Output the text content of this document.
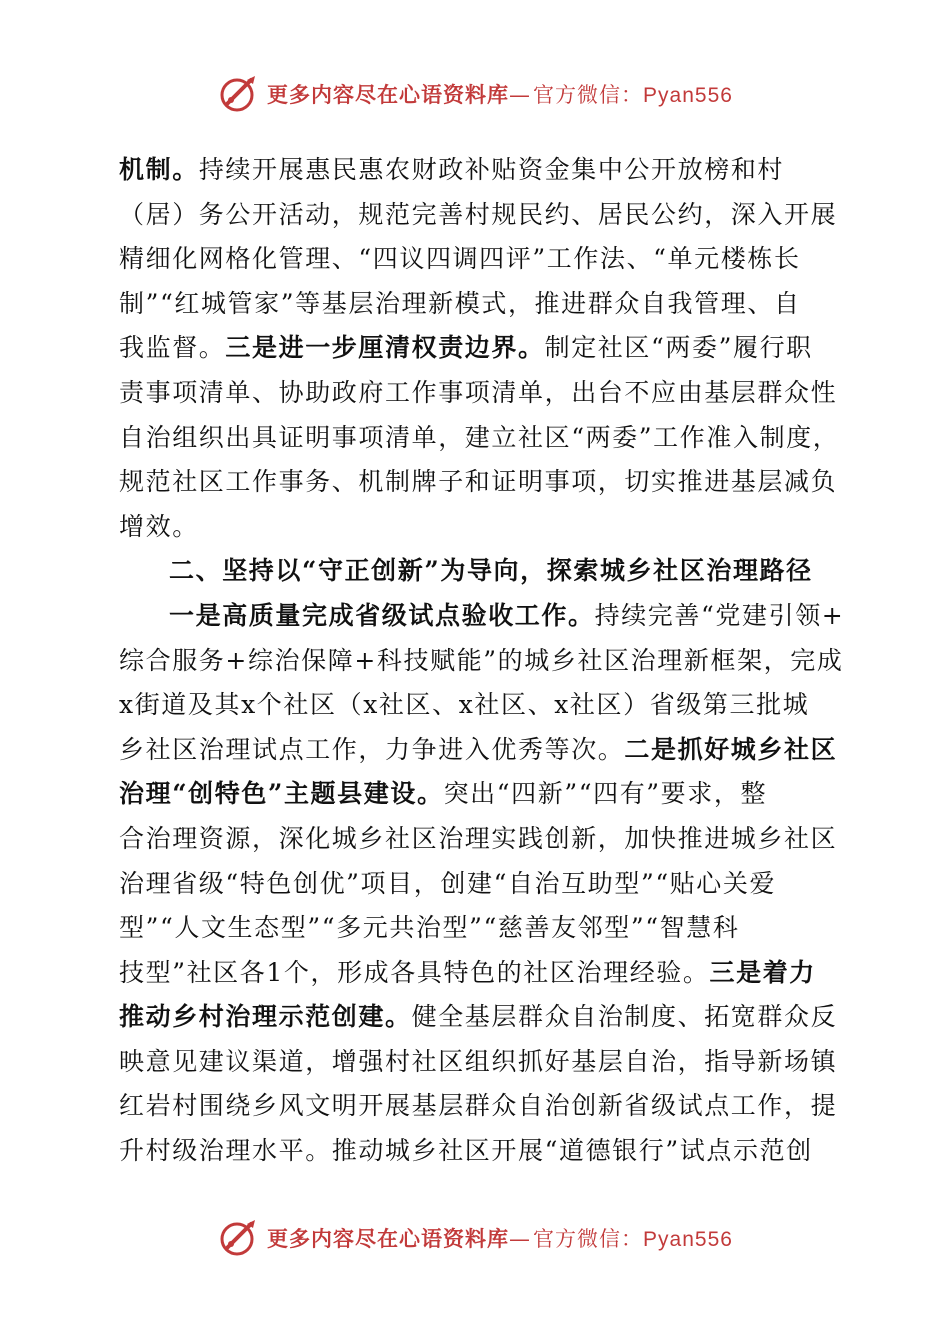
更多内容尽在心语资料库—官方微信：Pyan556
机制。持续开展惠民惠农财政补贴资金集中公开放榜和村
（居）务公开活动，规范完善村规民约、居民公约，深入开展
精细化网格化管理、“四议四调四评”工作法、“单元楼栋长
制”“红城管家”等基层治理新模式，推进群众自我管理、自
我监督。三是进一步厘清权责边界。制定社区“两委”履行职
责事项清单、协助政府工作事项清单，出台不应由基层群众性
自治组织出具证明事项清单，建立社区“两委”工作准入制度，
规范社区工作事务、机制牌子和证明事项，切实推进基层减负
增效。
二、坚持以“守正创新”为导向，探索城乡社区治理路径
一是高质量完成省级试点验收工作。持续完善“党建引领+
综合服务+综治保障+科技赋能”的城乡社区治理新框架，完成
x街道及其x个社区（x社区、x社区、x社区）省级第三批城
乡社区治理试点工作，力争进入优秀等次。二是抓好城乡社区
治理“创特色”主题县建设。突出“四新”“四有”要求，整
合治理资源，深化城乡社区治理实践创新，加快推进城乡社区
治理省级“特色创优”项目，创建“自治互助型”“贴心关爱
型”“人文生态型”“多元共治型”“慈善友邻型”“智慧科
技型”社区各1个，形成各具特色的社区治理经验。三是着力
推动乡村治理示范创建。健全基层群众自治制度、拓宽群众反
映意见建议渠道，增强村社区组织抓好基层自治，指导新场镇
红岩村围绕乡风文明开展基层群众自治创新省级试点工作，提
升村级治理水平。推动城乡社区开展“道德银行”试点示范创
更多内容尽在心语资料库—官方微信：Pyan556
